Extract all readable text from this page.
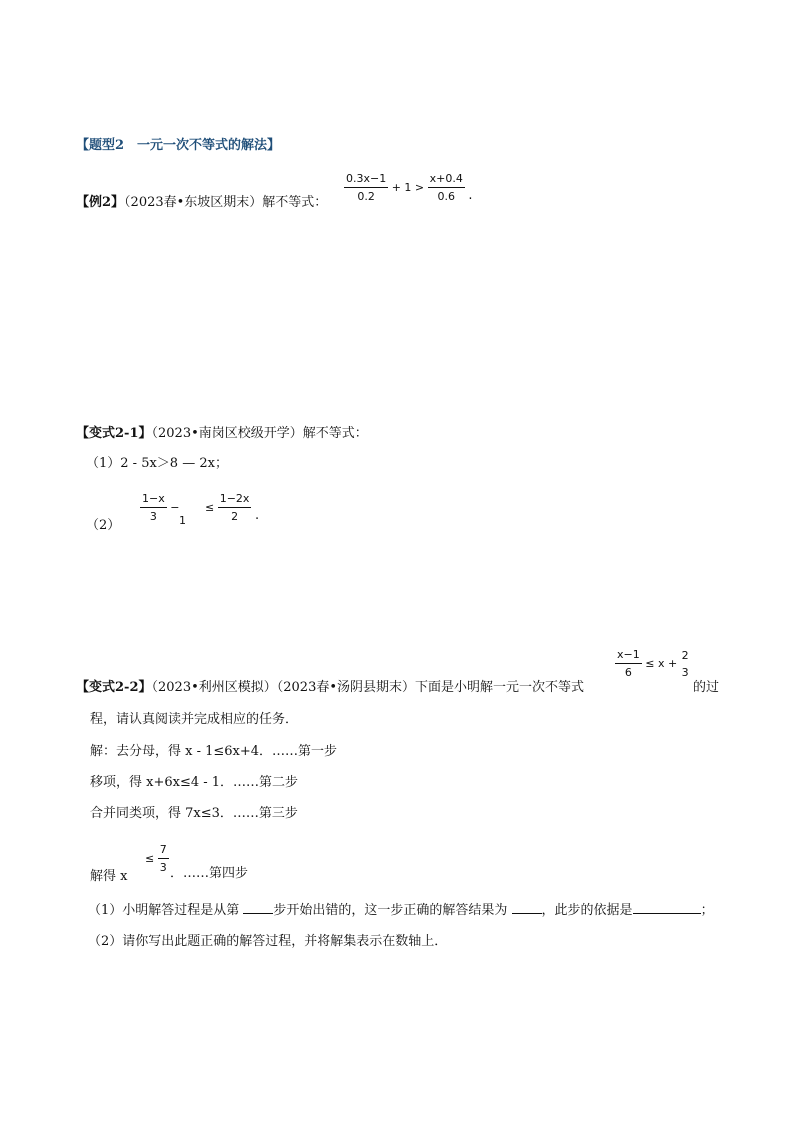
【题型2　一元一次不等式的解法】
【例2】（2023春•东坡区期末）解不等式： $\frac{0.3x-1}{0.2} + 1 > \frac{x+0.4}{0.6}$ .
【变式2-1】（2023•南岗区校级开学）解不等式：
（1）2 - 5x＞8 — 2x；
（2）
$\frac{1-x}{3}$ −
1
≤ $\frac{1-2x}{2}$ .
【变式2-2】（2023•利州区模拟）（2023春•汤阴县期末）下面是小明解一元一次不等式
$\frac{x-1}{6} \le x$ +
2
3
的过
程，请认真阅读并完成相应的任务．
解：去分母，得 x - 1≤6x+4．……第一步
移项，得 x+6x≤4 - 1．……第二步
合并同类项，得 7x≤3．……第三步
解得 x
≤ $\frac{7}{3}$ ．……第四步
（1）小明解答过程是从第 步开始出错的，这一步正确的解答结果为 ，此步的依据是	；
（2）请你写出此题正确的解答过程，并将解集表示在数轴上．
